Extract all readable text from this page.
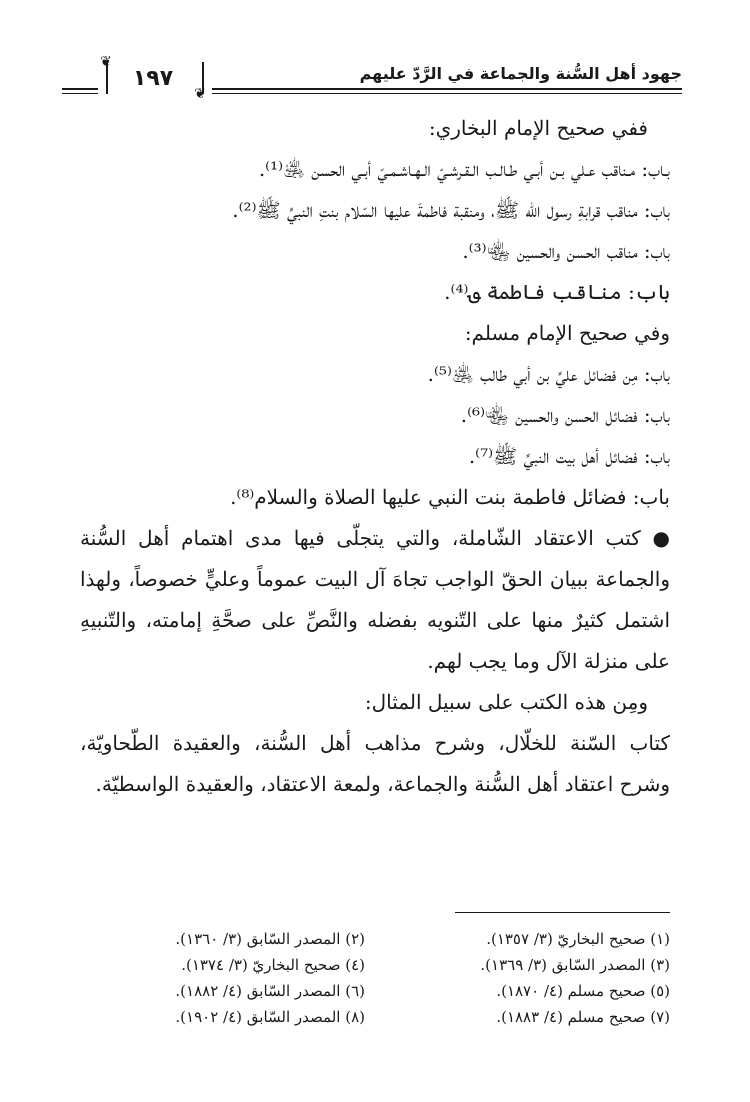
جهود أهل السُّنة والجماعة في الرَّدّ عليهم
❦
❦
١٩٧

ففي صحيح الإمام البخاري:

بـاب: مـناقب عـلي بـن أبـي طـالـب الـقـرشـيّ الـهـاشـمـيّ أبـي الحسن ﵁⁽¹⁾.

باب: مناقب قرابةِ رسول الله ﷺ، ومنقبة فاطمةَ عليها السّلام بنتِ النبيِّ ﷺ⁽²⁾.

باب: مناقب الحسن والحسين ﵄⁽³⁾.

باب: مناقب فاطمة ؈⁽⁴⁾.

وفي صحيح الإمام مسلم:

باب: مِن فضائل عليِّ بن أبي طالب ﵁⁽⁵⁾.

باب: فضائل الحسن والحسين ﵄⁽⁶⁾.

باب: فضائل أهل بيت النبيِّ ﷺ⁽⁷⁾.

باب: فضائل فاطمة بنت النبي عليها الصلاة والسلام⁽⁸⁾.

● كتب الاعتقاد الشّاملة، والتي يتجلّى فيها مدى اهتمام أهل السُّنة والجماعة ببيان الحقّ الواجب تجاهَ آل البيت عموماً وعليٍّ خصوصاً، ولهذا اشتمل كثيرٌ منها على التّنويه بفضله والنَّصِّ على صحَّةِ إمامته، والتّنبيهِ على منزلة الآل وما يجب لهم.

ومِن هذه الكتب على سبيل المثال:

كتاب السّنة للخلّال، وشرح مذاهب أهل السُّنة، والعقيدة الطّحاويّة، وشرح اعتقاد أهل السُّنة والجماعة، ولمعة الاعتقاد، والعقيدة الواسطيّة.

(١) صحيح البخاريّ (٣/ ١٣٥٧).
(٢) المصدر السّابق (٣/ ١٣٦٠).
(٣) المصدر السّابق (٣/ ١٣٦٩).
(٤) صحيح البخاريّ (٣/ ١٣٧٤).
(٥) صحيح مسلم (٤/ ١٨٧٠).
(٦) المصدر السّابق (٤/ ١٨٨٢).
(٧) صحيح مسلم (٤/ ١٨٨٣).
(٨) المصدر السّابق (٤/ ١٩٠٢).
